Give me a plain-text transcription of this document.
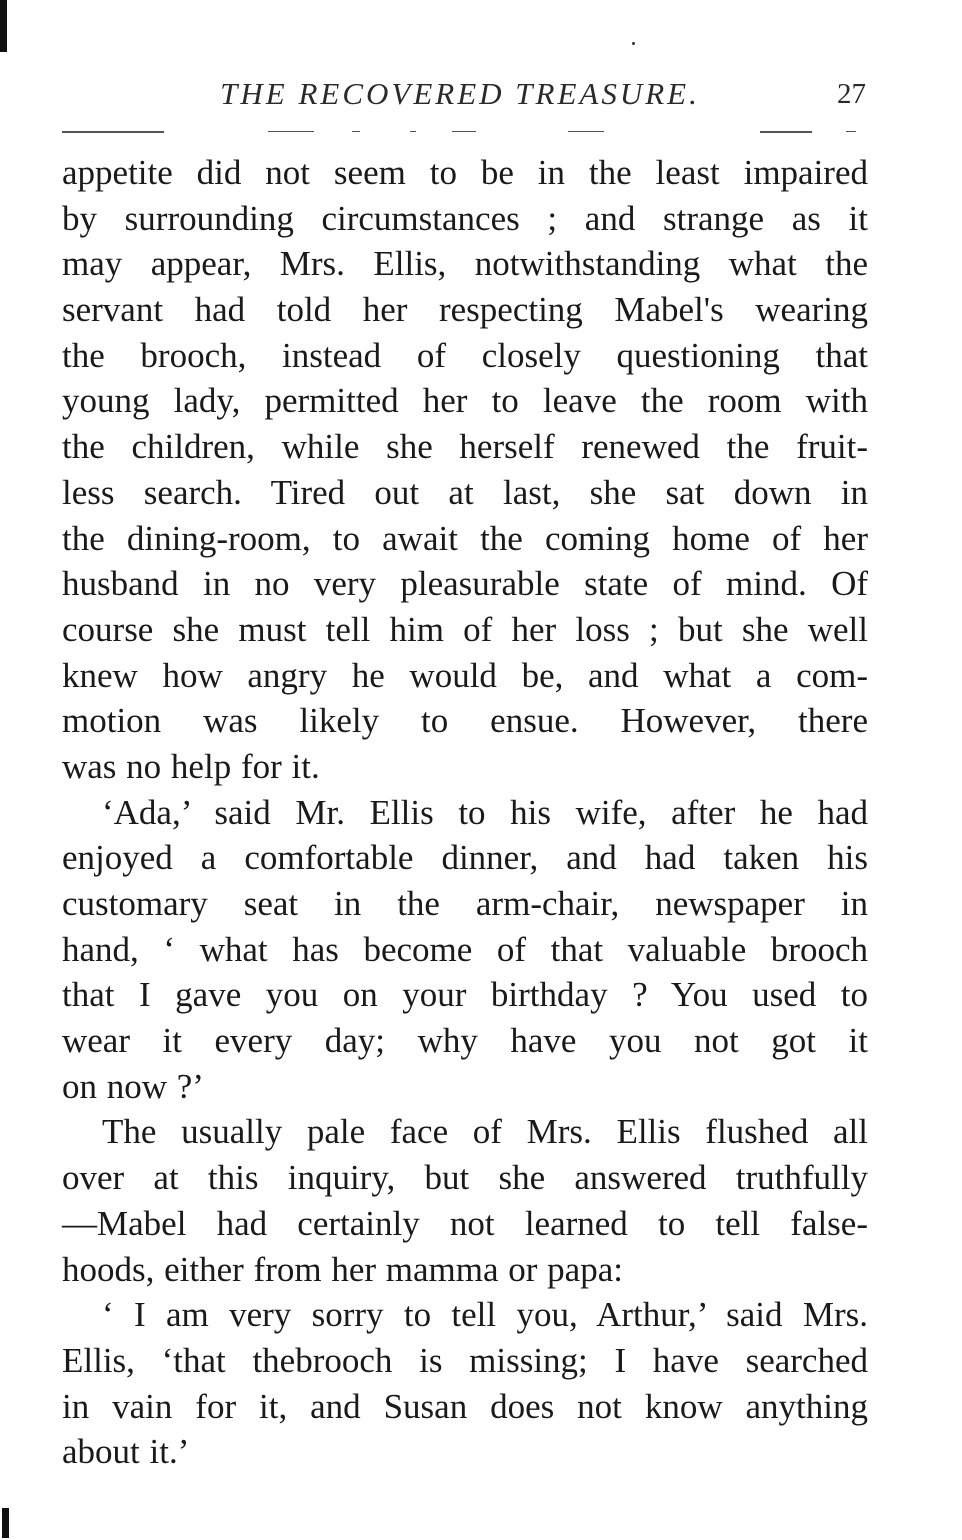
THE RECOVERED TREASURE.	27
appetite did not seem to be in the least impaired
by surrounding circumstances ; and strange as it
may appear, Mrs. Ellis, notwithstanding what the
servant had told her respecting Mabel's wearing
the brooch, instead of closely questioning that
young lady, permitted her to leave the room with
the children, while she herself renewed the fruit-
less search. Tired out at last, she sat down in
the dining-room, to await the coming home of her
husband in no very pleasurable state of mind. Of
course she must tell him of her loss ; but she well
knew how angry he would be, and what a com-
motion was likely to ensue. However, there
was no help for it.
‘Ada,’ said Mr. Ellis to his wife, after he had
enjoyed a comfortable dinner, and had taken his
customary seat in the arm-chair, newspaper in
hand, ‘ what has become of that valuable brooch
that I gave you on your birthday ? You used to
wear it every day; why have you not got it
on now ?’
The usually pale face of Mrs. Ellis flushed all
over at this inquiry, but she answered truthfully
—Mabel had certainly not learned to tell false-
hoods, either from her mamma or papa:
‘ I am very sorry to tell you, Arthur,’ said Mrs.
Ellis, ‘that thebrooch is missing; I have searched
in vain for it, and Susan does not know anything
about it.’
